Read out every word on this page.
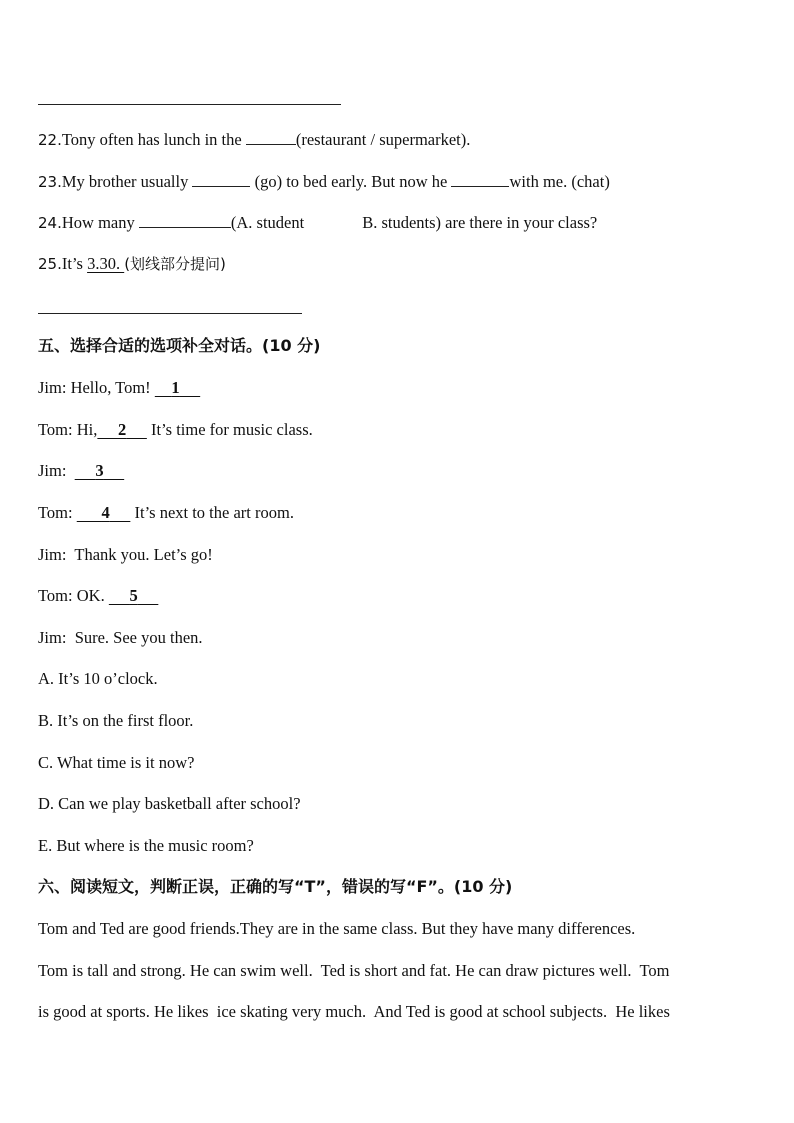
22.Tony often has lunch in the	(restaurant / supermarket).
23.My brother usually	(go) to bed early. But now he	with me. (chat)
24.How many	(A. student	B. students) are there in your class?
25.It’s 3.30. (划线部分提问)
五、选择合适的选项补全对话。(10 分)
Jim: Hello, Tom!     1
Tom: Hi, 2      It’s time for music class.
Jim: 3
Tom: 4      It’s next to the art room.
Jim:  Thank you. Let’s go!
Tom: OK.      5
Jim:  Sure. See you then.
A. It’s 10 o’clock.
B. It’s on the first floor.
C. What time is it now?
D. Can we play basketball after school?
E. But where is the music room?
六、阅读短文，判断正误，正确的写“T”，错误的写“F”。(10 分)
Tom and Ted are good friends.They are in the same class. But they have many differences.
Tom is tall and strong. He can swim well.  Ted is short and fat. He can draw pictures well.  Tom
is good at sports. He likes  ice skating very much.  And Ted is good at school subjects.  He likes
